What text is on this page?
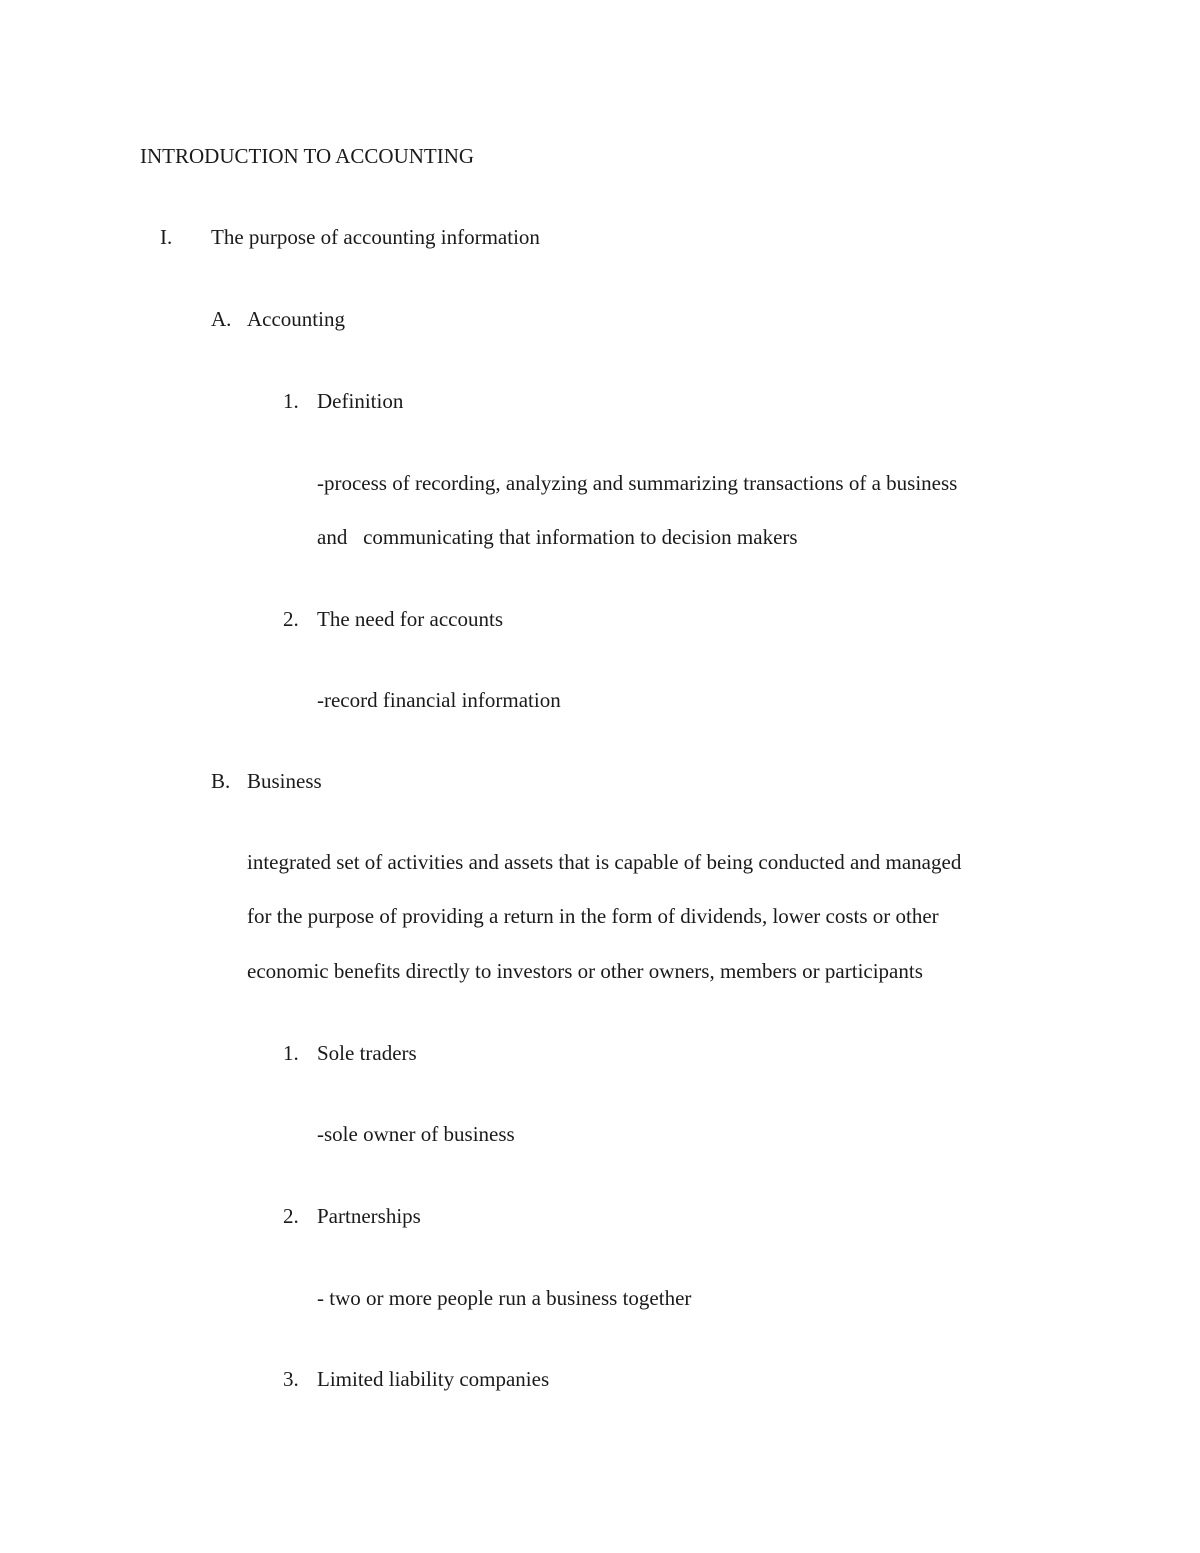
INTRODUCTION TO ACCOUNTING
I. The purpose of accounting information
A. Accounting
1. Definition
-process of recording, analyzing and summarizing transactions of a business
and   communicating that information to decision makers
2. The need for accounts
-record financial information
B. Business
integrated set of activities and assets that is capable of being conducted and managed
for the purpose of providing a return in the form of dividends, lower costs or other
economic benefits directly to investors or other owners, members or participants
1. Sole traders
-sole owner of business
2. Partnerships
- two or more people run a business together
3. Limited liability companies
